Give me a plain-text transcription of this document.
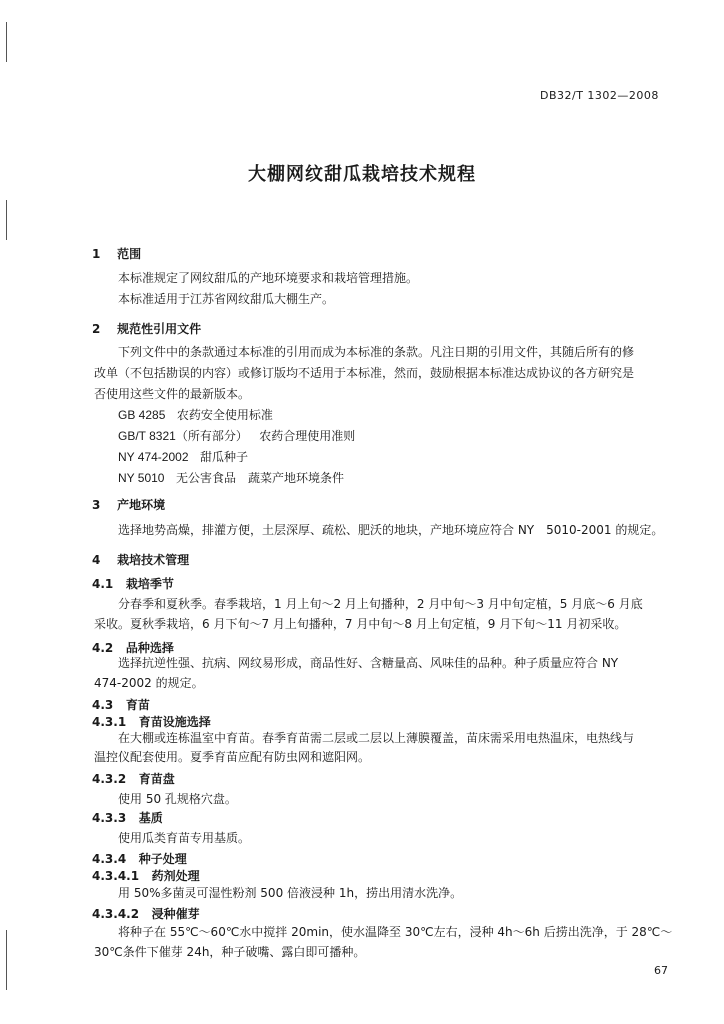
DB32/T 1302—2008
大棚网纹甜瓜栽培技术规程
1 范围
本标准规定了网纹甜瓜的产地环境要求和栽培管理措施。
本标准适用于江苏省网纹甜瓜大棚生产。
2 规范性引用文件
下列文件中的条款通过本标准的引用而成为本标准的条款。凡注日期的引用文件，其随后所有的修
改单（不包括勘误的内容）或修订版均不适用于本标准，然而，鼓励根据本标准达成协议的各方研究是
否使用这些文件的最新版本。
GB 4285 农药安全使用标准
GB/T 8321（所有部分） 农药合理使用准则
NY 474-2002 甜瓜种子
NY 5010 无公害食品　蔬菜产地环境条件
3 产地环境
选择地势高燥，排灌方便，土层深厚、疏松、肥沃的地块，产地环境应符合 NY　5010-2001 的规定。
4 栽培技术管理
4.1 栽培季节
分春季和夏秋季。春季栽培，1 月上旬～2 月上旬播种，2 月中旬～3 月中旬定植，5 月底～6 月底
采收。夏秋季栽培，6 月下旬～7 月上旬播种，7 月中旬～8 月上旬定植，9 月下旬～11 月初采收。
4.2 品种选择
选择抗逆性强、抗病、网纹易形成，商品性好、含糖量高、风味佳的品种。种子质量应符合 NY
474-2002 的规定。
4.3 育苗
4.3.1 育苗设施选择
在大棚或连栋温室中育苗。春季育苗需二层或二层以上薄膜覆盖，苗床需采用电热温床，电热线与
温控仪配套使用。夏季育苗应配有防虫网和遮阳网。
4.3.2 育苗盘
使用 50 孔规格穴盘。
4.3.3 基质
使用瓜类育苗专用基质。
4.3.4 种子处理
4.3.4.1 药剂处理
用 50%多菌灵可湿性粉剂 500 倍液浸种 1h，捞出用清水洗净。
4.3.4.2 浸种催芽
将种子在 55℃～60℃水中搅拌 20min，使水温降至 30℃左右，浸种 4h～6h 后捞出洗净，于 28℃～
30℃条件下催芽 24h，种子破嘴、露白即可播种。
67
